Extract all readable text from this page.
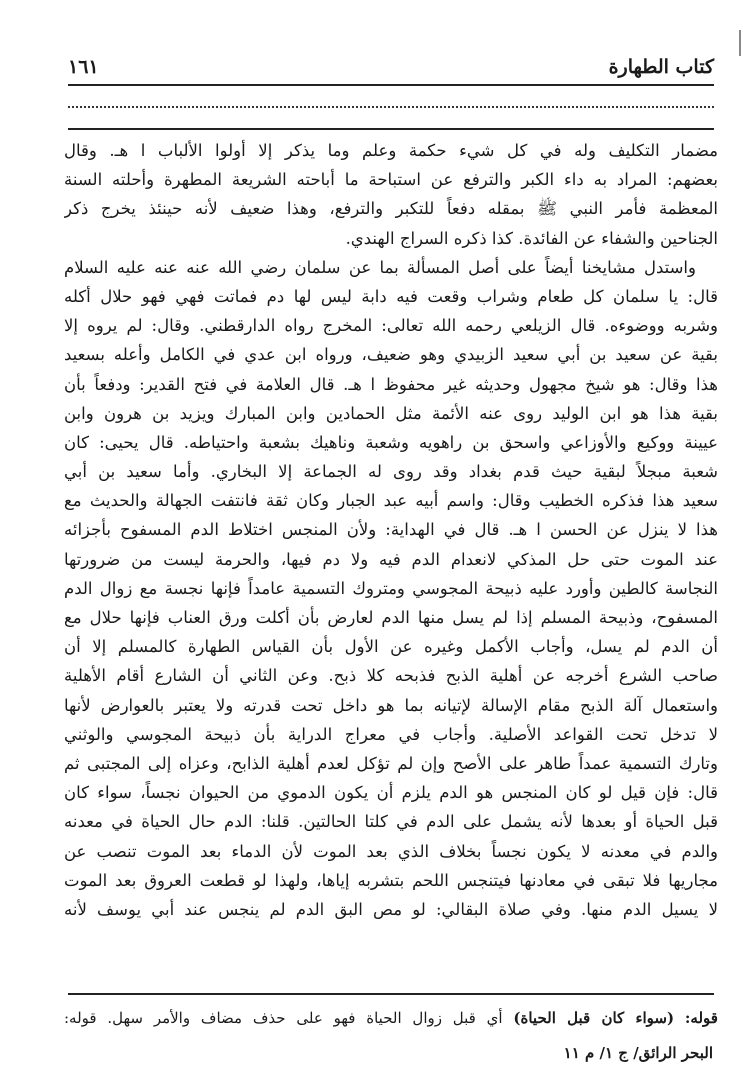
كتاب الطهارة
١٦١
مضمار التكليف وله في كل شيء حكمة وعلم وما يذكر إلا أولوا الألباب ا هـ. وقال
بعضهم: المراد به داء الكبر والترفع عن استباحة ما أباحته الشريعة المطهرة وأحلته السنة
المعظمة فأمر النبي ﷺ بمقله دفعاً للتكبر والترفع، وهذا ضعيف لأنه حينئذ يخرج ذكر
الجناحين والشفاء عن الفائدة. كذا ذكره السراج الهندي.
واستدل مشايخنا أيضاً على أصل المسألة بما عن سلمان رضي الله عنه عنه عليه السلام
قال: يا سلمان كل طعام وشراب وقعت فيه دابة ليس لها دم فماتت فهي فهو حلال أكله
وشربه ووضوءه. قال الزيلعي رحمه الله تعالى: المخرج رواه الدارقطني. وقال: لم يروه إلا
بقية عن سعيد بن أبي سعيد الزبيدي وهو ضعيف، ورواه ابن عدي في الكامل وأعله بسعيد
هذا وقال: هو شيخ مجهول وحديثه غير محفوظ ا هـ. قال العلامة في فتح القدير: ودفعاً بأن
بقية هذا هو ابن الوليد روى عنه الأئمة مثل الحمادين وابن المبارك ويزيد بن هرون وابن
عيينة ووكيع والأوزاعي واسحق بن راهويه وشعبة وناهيك بشعبة واحتياطه. قال يحيى: كان
شعبة مبجلاً لبقية حيث قدم بغداد وقد روى له الجماعة إلا البخاري. وأما سعيد بن أبي
سعيد هذا فذكره الخطيب وقال: واسم أبيه عبد الجبار وكان ثقة فانتفت الجهالة والحديث مع
هذا لا ينزل عن الحسن ا هـ. قال في الهداية: ولأن المنجس اختلاط الدم المسفوح بأجزائه
عند الموت حتى حل المذكي لانعدام الدم فيه ولا دم فيها، والحرمة ليست من ضرورتها
النجاسة كالطين وأورد عليه ذبيحة المجوسي ومتروك التسمية عامداً فإنها نجسة مع زوال الدم
المسفوح، وذبيحة المسلم إذا لم يسل منها الدم لعارض بأن أكلت ورق العناب فإنها حلال مع
أن الدم لم يسل، وأجاب الأكمل وغيره عن الأول بأن القياس الطهارة كالمسلم إلا أن
صاحب الشرع أخرجه عن أهلية الذبح فذبحه كلا ذبح. وعن الثاني أن الشارع أقام الأهلية
واستعمال آلة الذبح مقام الإسالة لإتيانه بما هو داخل تحت قدرته ولا يعتبر بالعوارض لأنها
لا تدخل تحت القواعد الأصلية. وأجاب في معراج الدراية بأن ذبيحة المجوسي والوثني
وتارك التسمية عمداً طاهر على الأصح وإن لم تؤكل لعدم أهلية الذابح، وعزاه إلى المجتبى ثم
قال: فإن قيل لو كان المنجس هو الدم يلزم أن يكون الدموي من الحيوان نجساً، سواء كان
قبل الحياة أو بعدها لأنه يشمل على الدم في كلتا الحالتين. قلنا: الدم حال الحياة في معدنه
والدم في معدنه لا يكون نجساً بخلاف الذي بعد الموت لأن الدماء بعد الموت تنصب عن
مجاريها فلا تبقى في معادنها فيتنجس اللحم بتشربه إياها، ولهذا لو قطعت العروق بعد الموت
لا يسيل الدم منها. وفي صلاة البقالي: لو مص البق الدم لم ينجس عند أبي يوسف لأنه
قوله: (سواء كان قبل الحياة) أي قبل زوال الحياة فهو على حذف مضاف والأمر سهل. قوله:
البحر الرائق/ ج ١/ م ١١
